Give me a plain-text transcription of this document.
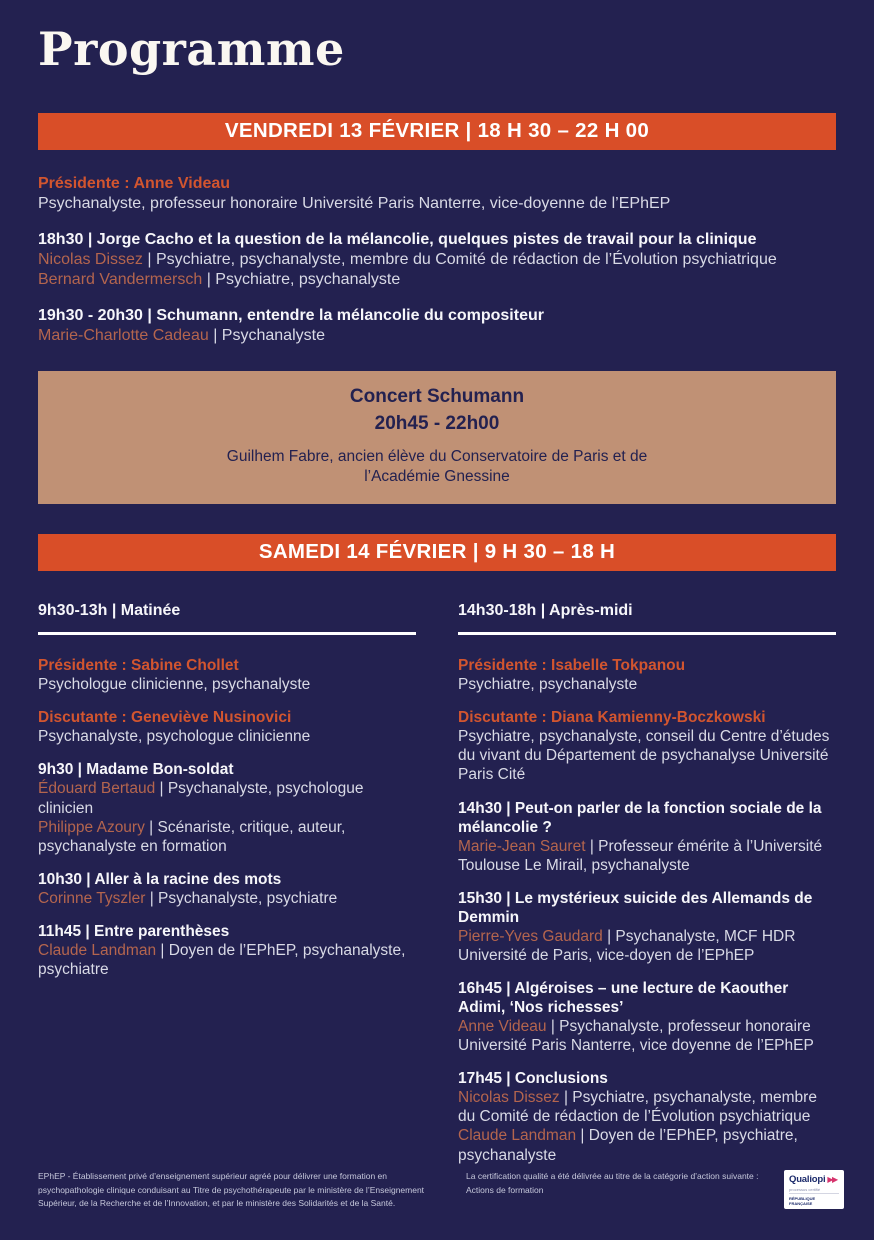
Programme
VENDREDI 13 FÉVRIER | 18 H 30 – 22 H 00
Présidente : Anne Videau
Psychanalyste, professeur honoraire Université Paris Nanterre, vice-doyenne de l’EPhEP
18h30 | Jorge Cacho et la question de la mélancolie, quelques pistes de travail pour la clinique
Nicolas Dissez | Psychiatre, psychanalyste, membre du Comité de rédaction de l’Évolution psychiatrique
Bernard Vandermersch | Psychiatre, psychanalyste
19h30 - 20h30 | Schumann, entendre la mélancolie du compositeur
Marie-Charlotte Cadeau | Psychanalyste
Concert Schumann
20h45 - 22h00
Guilhem Fabre, ancien élève du Conservatoire de Paris et de l’Académie Gnessine
SAMEDI 14 FÉVRIER | 9 H 30 – 18 H
9h30-13h | Matinée
Présidente : Sabine Chollet
Psychologue clinicienne, psychanalyste
Discutante : Geneviève Nusinovici
Psychanalyste, psychologue clinicienne
9h30 | Madame Bon-soldat
Édouard Bertaud | Psychanalyste, psychologue clinicien
Philippe Azoury | Scénariste, critique, auteur, psychanalyste en formation
10h30 | Aller à la racine des mots
Corinne Tyszler | Psychanalyste, psychiatre
11h45 | Entre parenthèses
Claude Landman | Doyen de l’EPhEP, psychanalyste, psychiatre
14h30-18h | Après-midi
Présidente : Isabelle Tokpanou
Psychiatre, psychanalyste
Discutante : Diana Kamienny-Boczkowski
Psychiatre, psychanalyste, conseil du Centre d’études du vivant du Département de psychanalyse Université Paris Cité
14h30 | Peut-on parler de la fonction sociale de la mélancolie ?
Marie-Jean Sauret | Professeur émérite à l’Université Toulouse Le Mirail, psychanalyste
15h30 | Le mystérieux suicide des Allemands de Demmin
Pierre-Yves Gaudard | Psychanalyste, MCF HDR Université de Paris, vice-doyen de l’EPhEP
16h45 | Algéroises – une lecture de Kaouther Adimi, ‘Nos richesses’
Anne Videau | Psychanalyste, professeur honoraire Université Paris Nanterre, vice doyenne de l’EPhEP
17h45 | Conclusions
Nicolas Dissez | Psychiatre, psychanalyste, membre du Comité de rédaction de l’Évolution psychiatrique
Claude Landman | Doyen de l’EPhEP, psychiatre, psychanalyste
EPhEP - Établissement privé d’enseignement supérieur agréé pour délivrer une formation en psychopathologie clinique conduisant au Titre de psychothérapeute par le ministère de l’Enseignement Supérieur, de la Recherche et de l’Innovation, et par le ministère des Solidarités et de la Santé.
La certification qualité a été délivrée au titre de la catégorie d’action suivante :
Actions de formation
Qualiopi ▶▶
processus certifié
RÉPUBLIQUE FRANÇAISE
